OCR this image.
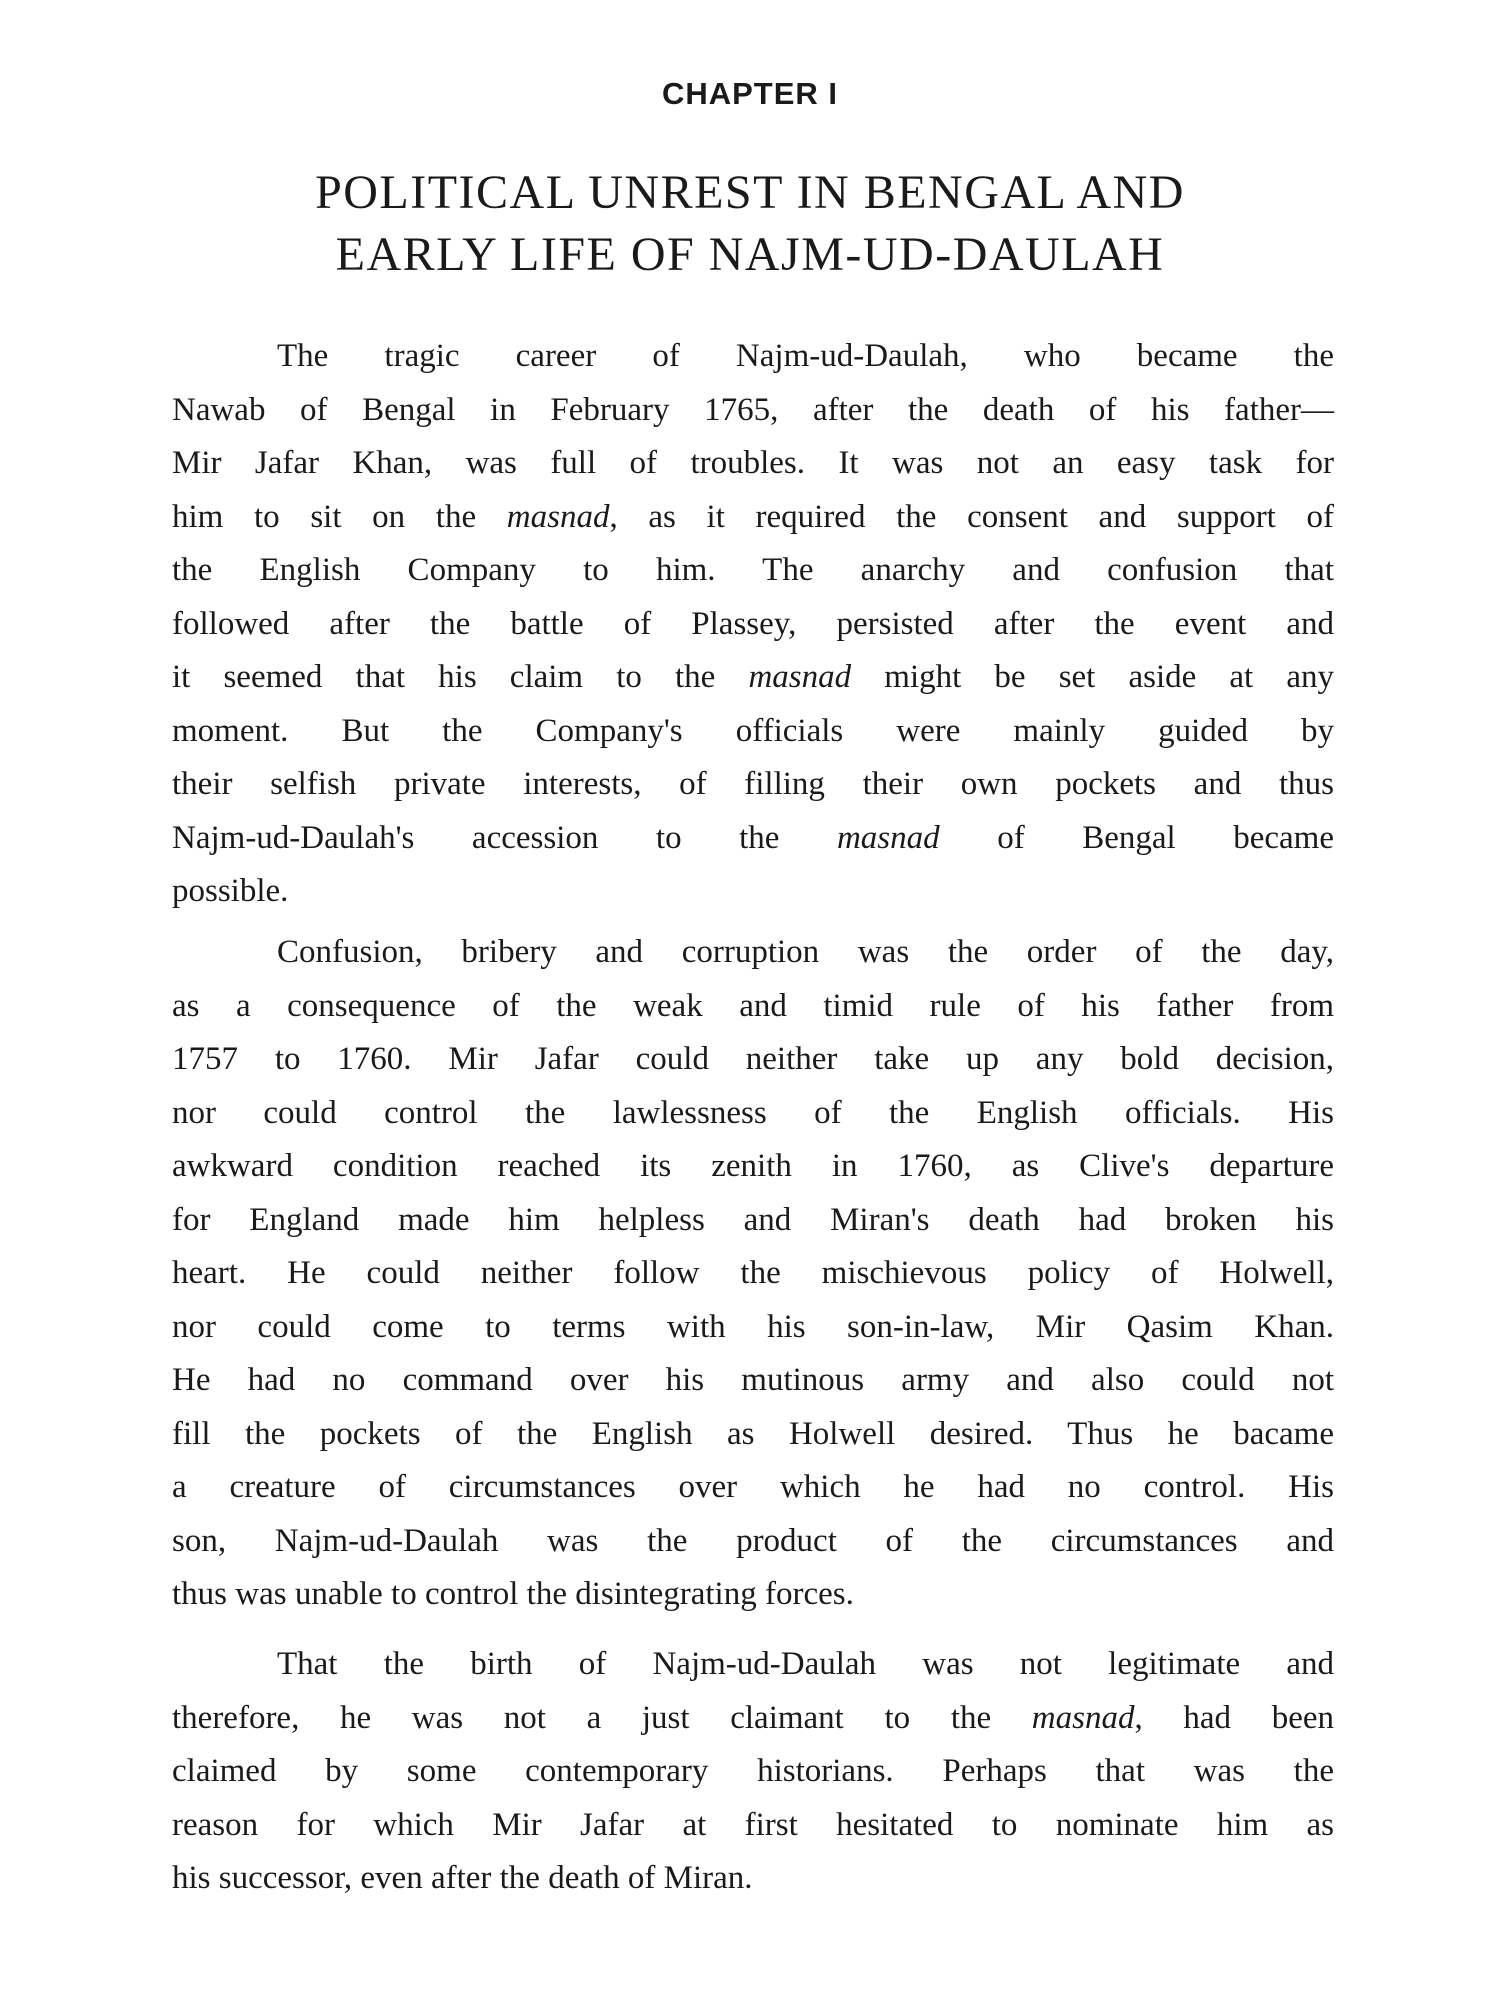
CHAPTER I
POLITICAL UNREST IN BENGAL AND
EARLY LIFE OF NAJM-UD-DAULAH
The tragic career of Najm-ud-Daulah, who became the
Nawab of Bengal in February 1765, after the death of his father—
Mir Jafar Khan, was full of troubles. It was not an easy task for
him to sit on the masnad, as it required the consent and support of
the English Company to him. The anarchy and confusion that
followed after the battle of Plassey, persisted after the event and
it seemed that his claim to the masnad might be set aside at any
moment. But the Company's officials were mainly guided by
their selfish private interests, of filling their own pockets and thus
Najm-ud-Daulah's accession to the masnad of Bengal became
possible.
Confusion, bribery and corruption was the order of the day,
as a consequence of the weak and timid rule of his father from
1757 to 1760. Mir Jafar could neither take up any bold decision,
nor could control the lawlessness of the English officials. His
awkward condition reached its zenith in 1760, as Clive's departure
for England made him helpless and Miran's death had broken his
heart. He could neither follow the mischievous policy of Holwell,
nor could come to terms with his son-in-law, Mir Qasim Khan.
He had no command over his mutinous army and also could not
fill the pockets of the English as Holwell desired. Thus he bacame
a creature of circumstances over which he had no control. His
son, Najm-ud-Daulah was the product of the circumstances and
thus was unable to control the disintegrating forces.
That the birth of Najm-ud-Daulah was not legitimate and
therefore, he was not a just claimant to the masnad, had been
claimed by some contemporary historians. Perhaps that was the
reason for which Mir Jafar at first hesitated to nominate him as
his successor, even after the death of Miran.
